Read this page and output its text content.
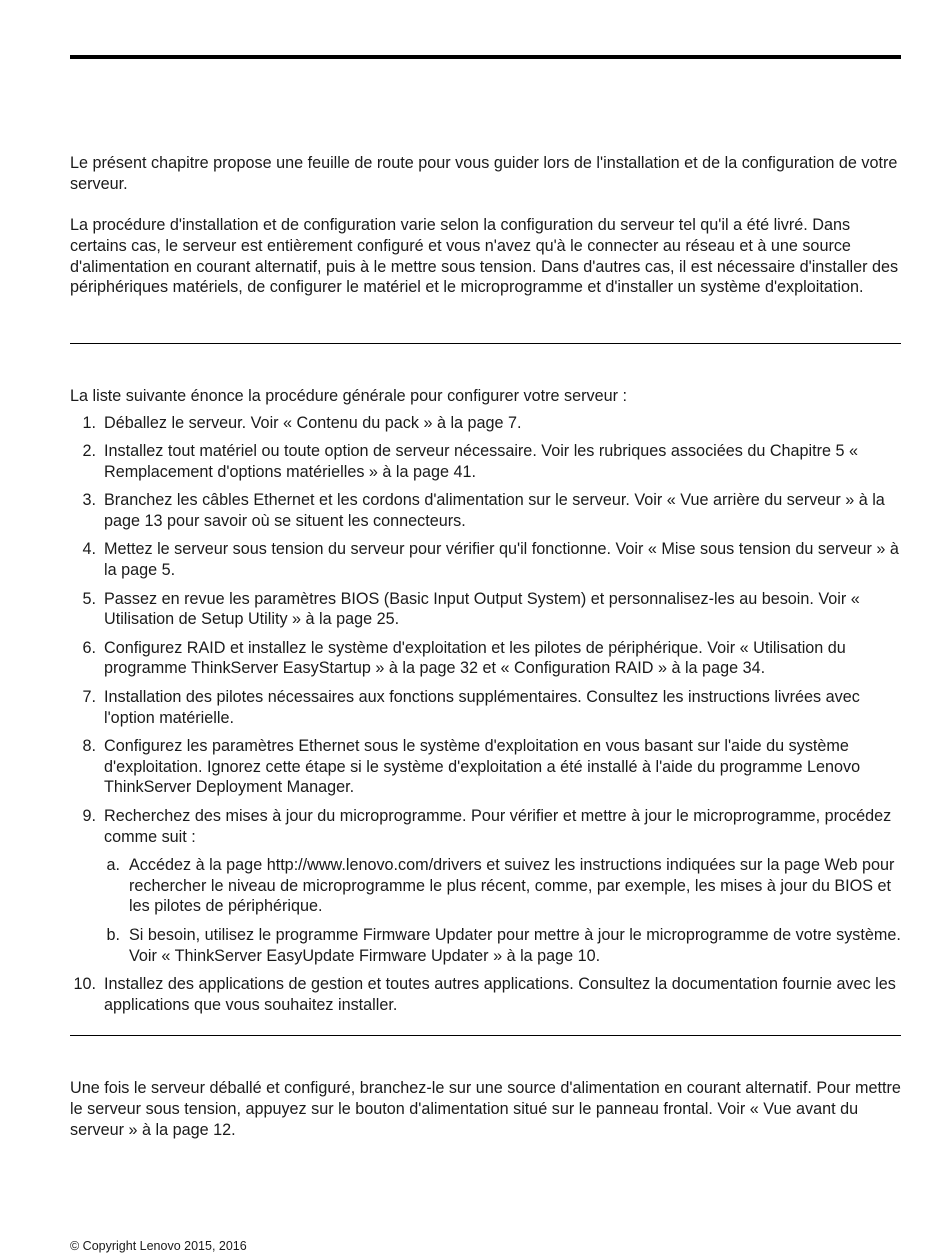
Le présent chapitre propose une feuille de route pour vous guider lors de l'installation et de la configuration de votre serveur.

La procédure d'installation et de configuration varie selon la configuration du serveur tel qu'il a été livré. Dans certains cas, le serveur est entièrement configuré et vous n'avez qu'à le connecter au réseau et à une source d'alimentation en courant alternatif, puis à le mettre sous tension. Dans d'autres cas, il est nécessaire d'installer des périphériques matériels, de configurer le matériel et le microprogramme et d'installer un système d'exploitation.

La liste suivante énonce la procédure générale pour configurer votre serveur :

1. Déballez le serveur. Voir « Contenu du pack » à la page 7.
2. Installez tout matériel ou toute option de serveur nécessaire. Voir les rubriques associées du Chapitre 5 « Remplacement d'options matérielles » à la page 41.
3. Branchez les câbles Ethernet et les cordons d'alimentation sur le serveur. Voir « Vue arrière du serveur » à la page 13 pour savoir où se situent les connecteurs.
4. Mettez le serveur sous tension du serveur pour vérifier qu'il fonctionne. Voir « Mise sous tension du serveur » à la page 5.
5. Passez en revue les paramètres BIOS (Basic Input Output System) et personnalisez-les au besoin. Voir « Utilisation de Setup Utility » à la page 25.
6. Configurez RAID et installez le système d'exploitation et les pilotes de périphérique. Voir « Utilisation du programme ThinkServer EasyStartup » à la page 32 et « Configuration RAID » à la page 34.
7. Installation des pilotes nécessaires aux fonctions supplémentaires. Consultez les instructions livrées avec l'option matérielle.
8. Configurez les paramètres Ethernet sous le système d'exploitation en vous basant sur l'aide du système d'exploitation. Ignorez cette étape si le système d'exploitation a été installé à l'aide du programme Lenovo ThinkServer Deployment Manager.
9. Recherchez des mises à jour du microprogramme. Pour vérifier et mettre à jour le microprogramme, procédez comme suit :
a. Accédez à la page http://www.lenovo.com/drivers et suivez les instructions indiquées sur la page Web pour rechercher le niveau de microprogramme le plus récent, comme, par exemple, les mises à jour du BIOS et les pilotes de périphérique.
b. Si besoin, utilisez le programme Firmware Updater pour mettre à jour le microprogramme de votre système. Voir « ThinkServer EasyUpdate Firmware Updater » à la page 10.
10. Installez des applications de gestion et toutes autres applications. Consultez la documentation fournie avec les applications que vous souhaitez installer.

Une fois le serveur déballé et configuré, branchez-le sur une source d'alimentation en courant alternatif. Pour mettre le serveur sous tension, appuyez sur le bouton d'alimentation situé sur le panneau frontal. Voir « Vue avant du serveur » à la page 12.

© Copyright Lenovo 2015, 2016
